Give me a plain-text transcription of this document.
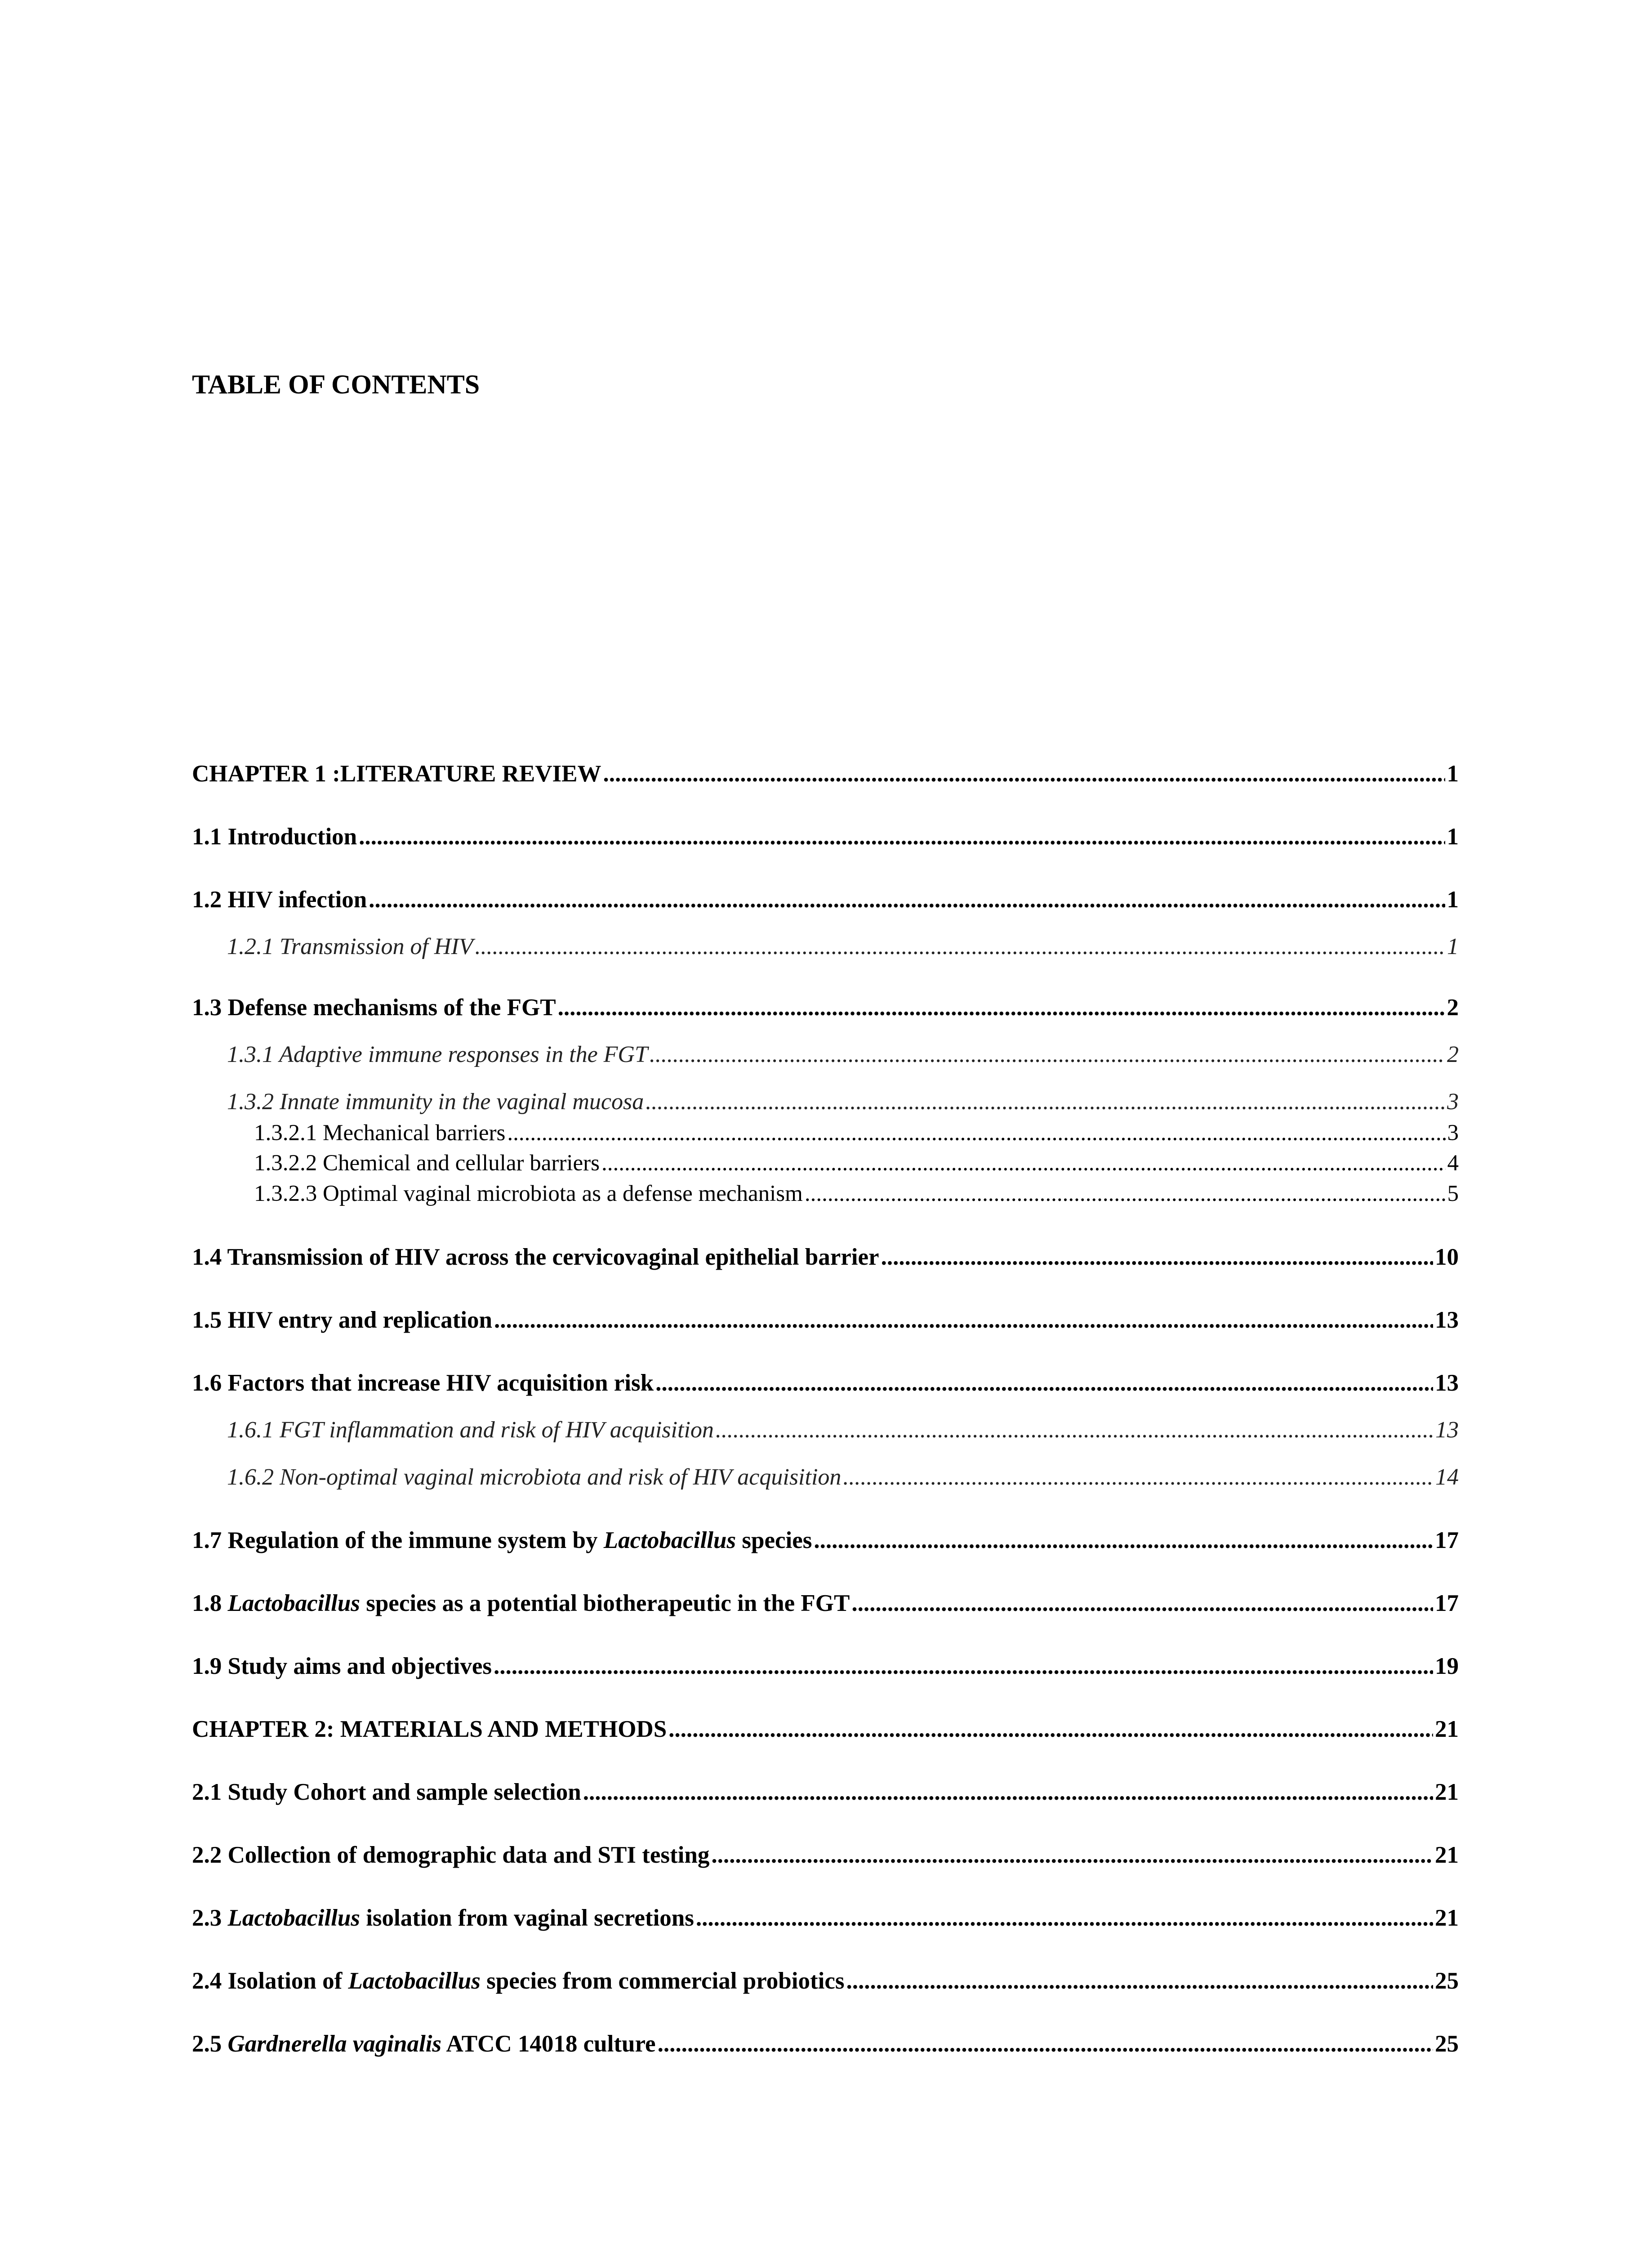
TABLE OF CONTENTS
CHAPTER 1 :LITERATURE REVIEW .....	1
1.1 Introduction .....	1
1.2 HIV infection .....	1
1.2.1 Transmission of HIV .....	1
1.3 Defense mechanisms of the FGT .....	2
1.3.1 Adaptive immune responses in the FGT .....	2
1.3.2 Innate immunity in the vaginal mucosa .....	3
1.3.2.1 Mechanical barriers .....	3
1.3.2.2 Chemical and cellular barriers .....	4
1.3.2.3 Optimal vaginal microbiota as a defense mechanism .....	5
1.4 Transmission of HIV across the cervicovaginal epithelial barrier .....	10
1.5 HIV entry and replication .....	13
1.6 Factors that increase HIV acquisition risk .....	13
1.6.1 FGT inflammation and risk of HIV acquisition .....	13
1.6.2 Non-optimal vaginal microbiota and risk of HIV acquisition .....	14
1.7 Regulation of the immune system by Lactobacillus species .....	17
1.8 Lactobacillus species as a potential biotherapeutic in the FGT .....	17
1.9 Study aims and objectives .....	19
CHAPTER 2: MATERIALS AND METHODS .....	21
2.1 Study Cohort and sample selection .....	21
2.2 Collection of demographic data and STI testing .....	21
2.3 Lactobacillus isolation from vaginal secretions .....	21
2.4 Isolation of Lactobacillus species from commercial probiotics .....	25
2.5 Gardnerella vaginalis ATCC 14018 culture .....	25
